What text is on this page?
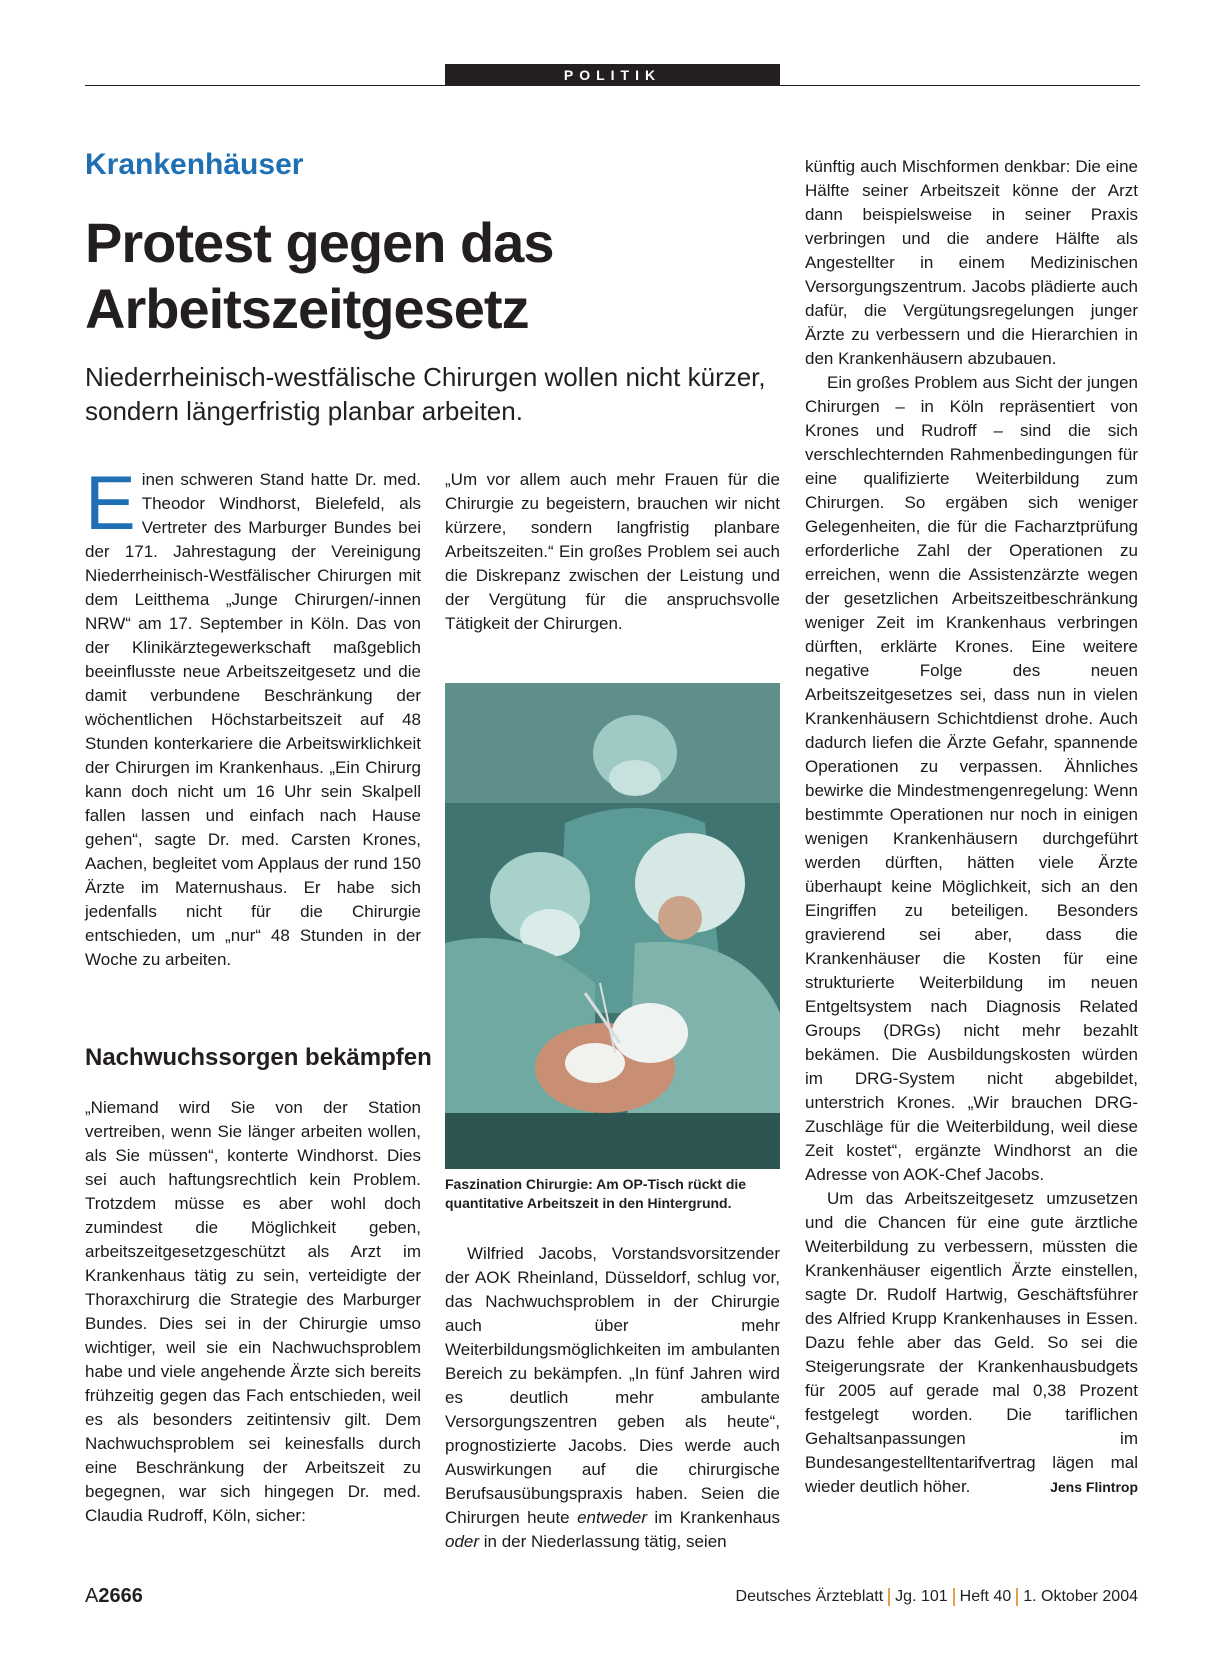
POLITIK
Krankenhäuser
Protest gegen das
Arbeitszeitgesetz
Niederrheinisch-westfälische Chirurgen wollen nicht kürzer, sondern längerfristig planbar arbeiten.

Einen schweren Stand hatte Dr. med. Theodor Windhorst, Bielefeld, als Vertreter des Marburger Bundes bei der 171. Jahrestagung der Vereinigung Niederrheinisch-Westfälischer Chirurgen mit dem Leitthema „Junge Chirurgen/-innen NRW“ am 17. September in Köln. Das von der Klinikärztegewerkschaft maßgeblich beeinflusste neue Arbeitszeitgesetz und die damit verbundene Beschränkung der wöchentlichen Höchstarbeitszeit auf 48 Stunden konterkariere die Arbeitswirklichkeit der Chirurgen im Krankenhaus. „Ein Chirurg kann doch nicht um 16 Uhr sein Skalpell fallen lassen und einfach nach Hause gehen“, sagte Dr. med. Carsten Krones, Aachen, begleitet vom Applaus der rund 150 Ärzte im Maternushaus. Er habe sich jedenfalls nicht für die Chirurgie entschieden, um „nur“ 48 Stunden in der Woche zu arbeiten.

Nachwuchssorgen bekämpfen

„Niemand wird Sie von der Station vertreiben, wenn Sie länger arbeiten wollen, als Sie müssen“, konterte Windhorst. Dies sei auch haftungsrechtlich kein Problem. Trotzdem müsse es aber wohl doch zumindest die Möglichkeit geben, arbeitszeitgesetzgeschützt als Arzt im Krankenhaus tätig zu sein, verteidigte der Thoraxchirurg die Strategie des Marburger Bundes. Dies sei in der Chirurgie umso wichtiger, weil sie ein Nachwuchsproblem habe und viele angehende Ärzte sich bereits frühzeitig gegen das Fach entschieden, weil es als besonders zeitintensiv gilt. Dem Nachwuchsproblem sei keinesfalls durch eine Beschränkung der Arbeitszeit zu begegnen, war sich hingegen Dr. med. Claudia Rudroff, Köln, sicher:

„Um vor allem auch mehr Frauen für die Chirurgie zu begeistern, brauchen wir nicht kürzere, sondern langfristig planbare Arbeitszeiten.“ Ein großes Problem sei auch die Diskrepanz zwischen der Leistung und der Vergütung für die anspruchsvolle Tätigkeit der Chirurgen.

Faszination Chirurgie: Am OP-Tisch rückt die quantitative Arbeitszeit in den Hintergrund.

Wilfried Jacobs, Vorstandsvorsitzender der AOK Rheinland, Düsseldorf, schlug vor, das Nachwuchsproblem in der Chirurgie auch über mehr Weiterbildungsmöglichkeiten im ambulanten Bereich zu bekämpfen. „In fünf Jahren wird es deutlich mehr ambulante Versorgungszentren geben als heute“, prognostizierte Jacobs. Dies werde auch Auswirkungen auf die chirurgische Berufsausübungspraxis haben. Seien die Chirurgen heute entweder im Krankenhaus oder in der Niederlassung tätig, seien

künftig auch Mischformen denkbar: Die eine Hälfte seiner Arbeitszeit könne der Arzt dann beispielsweise in seiner Praxis verbringen und die andere Hälfte als Angestellter in einem Medizinischen Versorgungszentrum. Jacobs plädierte auch dafür, die Vergütungsregelungen junger Ärzte zu verbessern und die Hierarchien in den Krankenhäusern abzubauen.

Ein großes Problem aus Sicht der jungen Chirurgen – in Köln repräsentiert von Krones und Rudroff – sind die sich verschlechternden Rahmenbedingungen für eine qualifizierte Weiterbildung zum Chirurgen. So ergäben sich weniger Gelegenheiten, die für die Facharztprüfung erforderliche Zahl der Operationen zu erreichen, wenn die Assistenzärzte wegen der gesetzlichen Arbeitszeitbeschränkung weniger Zeit im Krankenhaus verbringen dürften, erklärte Krones. Eine weitere negative Folge des neuen Arbeitszeitgesetzes sei, dass nun in vielen Krankenhäusern Schichtdienst drohe. Auch dadurch liefen die Ärzte Gefahr, spannende Operationen zu verpassen. Ähnliches bewirke die Mindestmengenregelung: Wenn bestimmte Operationen nur noch in einigen wenigen Krankenhäusern durchgeführt werden dürften, hätten viele Ärzte überhaupt keine Möglichkeit, sich an den Eingriffen zu beteiligen. Besonders gravierend sei aber, dass die Krankenhäuser die Kosten für eine strukturierte Weiterbildung im neuen Entgeltsystem nach Diagnosis Related Groups (DRGs) nicht mehr bezahlt bekämen. Die Ausbildungskosten würden im DRG-System nicht abgebildet, unterstrich Krones. „Wir brauchen DRG-Zuschläge für die Weiterbildung, weil diese Zeit kostet“, ergänzte Windhorst an die Adresse von AOK-Chef Jacobs.

Um das Arbeitszeitgesetz umzusetzen und die Chancen für eine gute ärztliche Weiterbildung zu verbessern, müssten die Krankenhäuser eigentlich Ärzte einstellen, sagte Dr. Rudolf Hartwig, Geschäftsführer des Alfried Krupp Krankenhauses in Essen. Dazu fehle aber das Geld. So sei die Steigerungsrate der Krankenhausbudgets für 2005 auf gerade mal 0,38 Prozent festgelegt worden. Die tariflichen Gehaltsanpassungen im Bundesangestelltentarifvertrag lägen mal wieder deutlich höher.	Jens Flintrop

A2666	Deutsches Ärzteblatt Jg. 101 Heft 40 1. Oktober 2004
